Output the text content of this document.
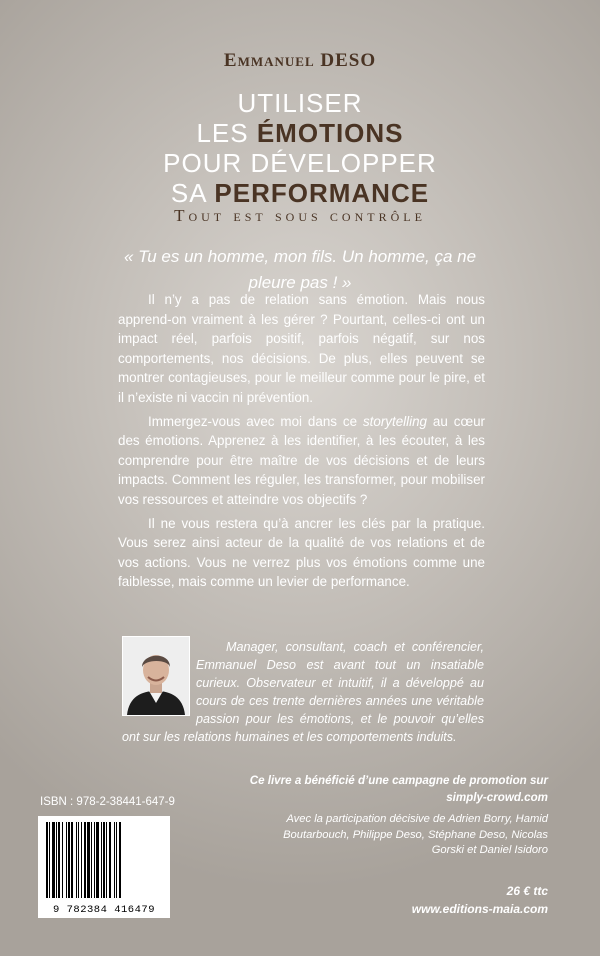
Emmanuel DESO
UTILISER
LES ÉMOTIONS
POUR DÉVELOPPER
SA PERFORMANCE
Tout est sous contrôle
« Tu es un homme, mon fils. Un homme, ça ne pleure pas ! »

Il n’y a pas de relation sans émotion. Mais nous apprend-on vraiment à les gérer ? Pourtant, celles-ci ont un impact réel, parfois positif, parfois négatif, sur nos comportements, nos décisions. De plus, elles peuvent se montrer contagieuses, pour le meilleur comme pour le pire, et il n’existe ni vaccin ni prévention.

Immergez-vous avec moi dans ce storytelling au cœur des émotions. Apprenez à les identifier, à les écouter, à les comprendre pour être maître de vos décisions et de leurs impacts. Comment les réguler, les transformer, pour mobiliser vos ressources et atteindre vos objectifs ?

Il ne vous restera qu’à ancrer les clés par la pratique. Vous serez ainsi acteur de la qualité de vos relations et de vos actions. Vous ne verrez plus vos émotions comme une faiblesse, mais comme un levier de performance.

Manager, consultant, coach et conférencier, Emmanuel Deso est avant tout un insatiable curieux. Observateur et intuitif, il a développé au cours de ces trente dernières années une véritable passion pour les émotions, et le pouvoir qu’elles ont sur les relations humaines et les comportements induits.
Ce livre a bénéficié d’une campagne de promotion sur simply-crowd.com
Avec la participation décisive de Adrien Borry, Hamid Boutarbouch, Philippe Deso, Stéphane Deso, Nicolas Gorski et Daniel Isidoro
ISBN : 978-2-38441-647-9
9 782384 416479
26 € ttc
www.editions-maia.com
